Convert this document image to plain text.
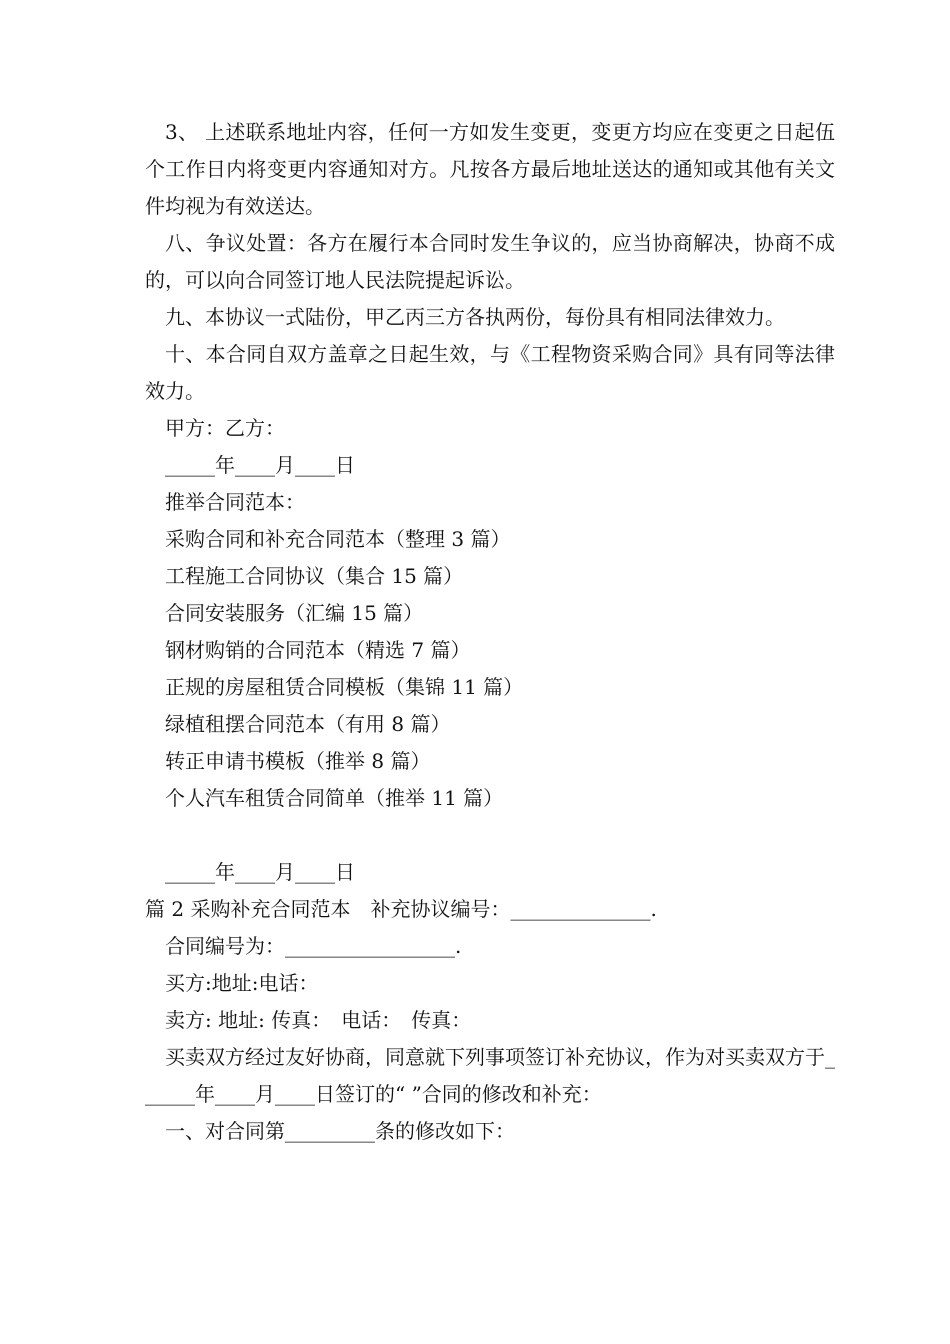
3、 上述联系地址内容，任何一方如发生变更，变更方均应在变更之日起伍个工作日内将变更内容通知对方。凡按各方最后地址送达的通知或其他有关文件均视为有效送达。

八、争议处置：各方在履行本合同时发生争议的，应当协商解决，协商不成的，可以向合同签订地人民法院提起诉讼。

九、本协议一式陆份，甲乙丙三方各执两份，每份具有相同法律效力。

十、本合同自双方盖章之日起生效，与《工程物资采购合同》具有同等法律效力。

甲方：乙方：

_____年____月____日

推举合同范本：

采购合同和补充合同范本（整理 3 篇）

工程施工合同协议（集合 15 篇）

合同安装服务（汇编 15 篇）

钢材购销的合同范本（精选 7 篇）

正规的房屋租赁合同模板（集锦 11 篇）

绿植租摆合同范本（有用 8 篇）

转正申请书模板（推举 8 篇）

个人汽车租赁合同简单（推举 11 篇）

_____年____月____日

篇 2 采购补充合同范本　补充协议编号：______________.

合同编号为：_________________.

买方:地址:电话：

卖方: 地址: 传真：　电话：　传真：

买卖双方经过友好协商，同意就下列事项签订补充协议，作为对买卖双方于______年____月____日签订的“ ”合同的修改和补充：

一、对合同第_________条的修改如下：
